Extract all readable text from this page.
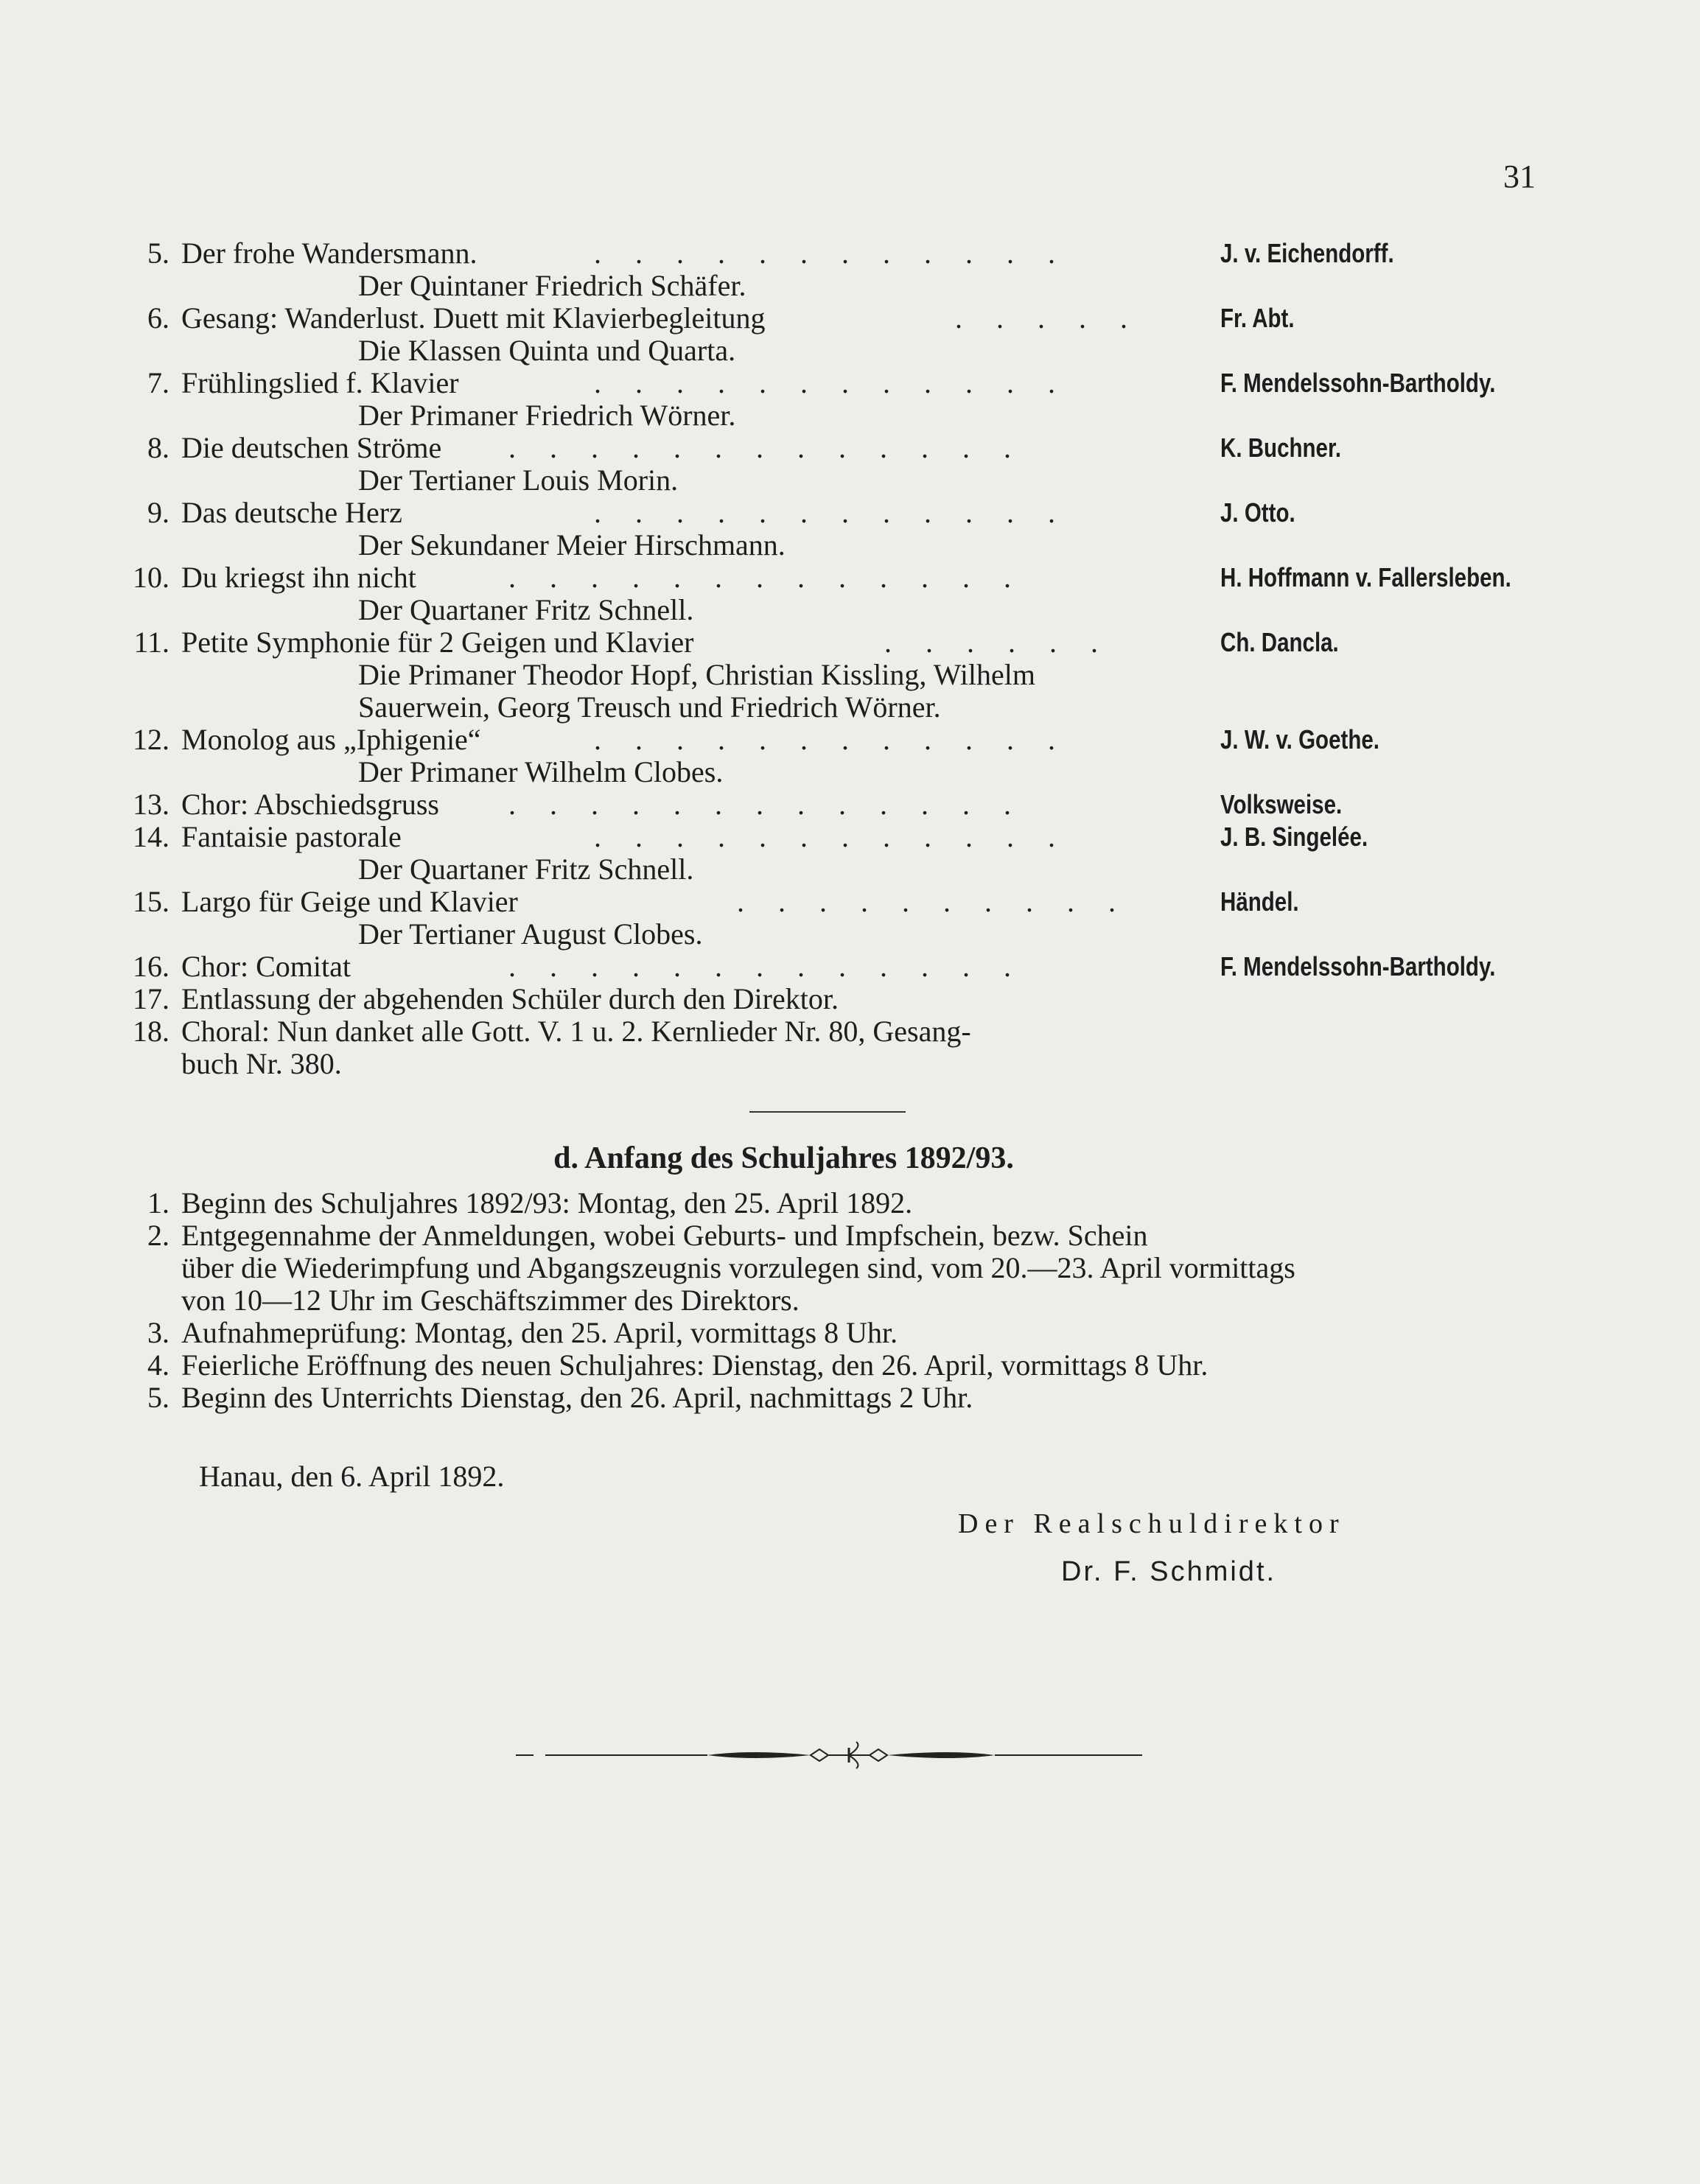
31
5. Der frohe Wandersmann.	. . . . . . . . . . . .	J. v. Eichendorff.
Der Quintaner Friedrich Schäfer.
6. Gesang: Wanderlust. Duett mit Klavierbegleitung	. . . . .	Fr. Abt.
Die Klassen Quinta und Quarta.
7. Frühlingslied f. Klavier	. . . . . . . . . . . .	F. Mendelssohn-Bartholdy.
Der Primaner Friedrich Wörner.
8. Die deutschen Ströme . . . . . . . . . . . . .	K. Buchner.
Der Tertianer Louis Morin.
9. Das deutsche Herz	. . . . . . . . . . . .	J. Otto.
Der Sekundaner Meier Hirschmann.
10. Du kriegst ihn nicht	. . . . . . . . . . . . .	H. Hoffmann v. Fallersleben.
Der Quartaner Fritz Schnell.
11. Petite Symphonie für 2 Geigen und Klavier	. . . . . .	Ch. Dancla.
Die Primaner Theodor Hopf, Christian Kissling, Wilhelm
Sauerwein, Georg Treusch und Friedrich Wörner.
12. Monolog aus „Iphigenie“	. . . . . . . . . . . .	J. W. v. Goethe.
Der Primaner Wilhelm Clobes.
13. Chor: Abschiedsgruss . . . . . . . . . . . . .	Volksweise.
14. Fantaisie pastorale	. . . . . . . . . . . .	J. B. Singelée.
Der Quartaner Fritz Schnell.
15. Largo für Geige und Klavier	. . . . . . . . . .	Händel.
Der Tertianer August Clobes.
16. Chor: Comitat	. . . . . . . . . . . . .	F. Mendelssohn-Bartholdy.
17. Entlassung der abgehenden Schüler durch den Direktor.
18. Choral: Nun danket alle Gott. V. 1 u. 2. Kernlieder Nr. 80, Gesang-
buch Nr. 380.
d. Anfang des Schuljahres 1892/93.
1. Beginn des Schuljahres 1892/93: Montag, den 25. April 1892.
2. Entgegennahme der Anmeldungen, wobei Geburts- und Impfschein, bezw. Schein
über die Wiederimpfung und Abgangszeugnis vorzulegen sind, vom 20.—23. April vormittags
von 10—12 Uhr im Geschäftszimmer des Direktors.
3. Aufnahmeprüfung: Montag, den 25. April, vormittags 8 Uhr.
4. Feierliche Eröffnung des neuen Schuljahres: Dienstag, den 26. April, vormittags 8 Uhr.
5. Beginn des Unterrichts Dienstag, den 26. April, nachmittags 2 Uhr.
Hanau, den 6. April 1892.
Der Realschuldirektor
Dr. F. Schmidt.
